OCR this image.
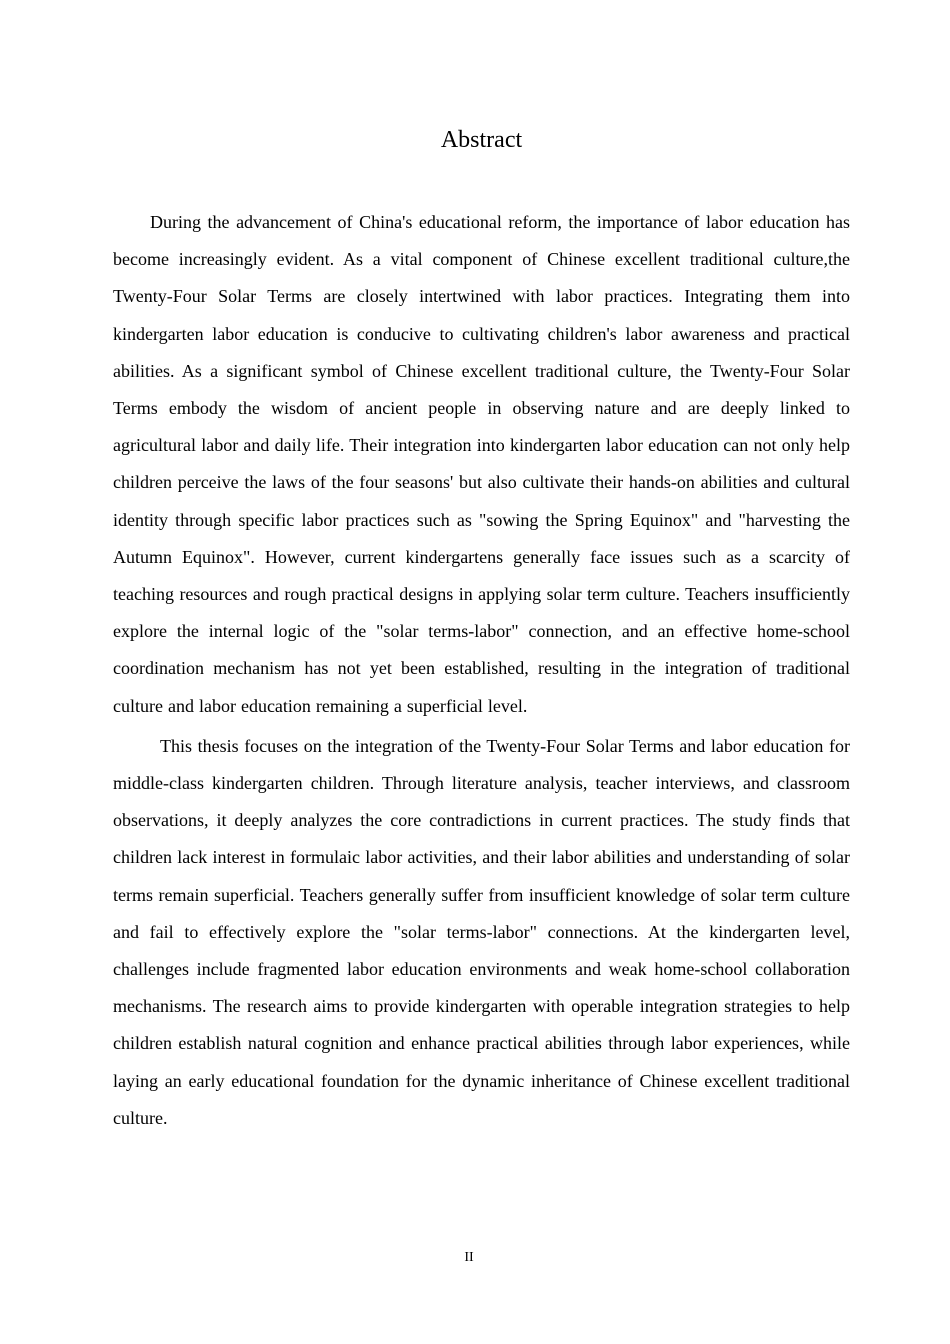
Abstract

During the advancement of China's educational reform, the importance of labor education has become increasingly evident. As a vital component of Chinese excellent traditional culture,the Twenty-Four Solar Terms are closely intertwined with labor practices. Integrating them into kindergarten labor education is conducive to cultivating children's labor awareness and practical abilities. As a significant symbol of Chinese excellent traditional culture, the Twenty-Four Solar Terms embody the wisdom of ancient people in observing nature and are deeply linked to agricultural labor and daily life. Their integration into kindergarten labor education can not only help children perceive the laws of the four seasons' but also cultivate their hands-on abilities and cultural identity through specific labor practices such as "sowing the Spring Equinox" and "harvesting the Autumn Equinox". However, current kindergartens generally face issues such as a scarcity of teaching resources and rough practical designs in applying solar term culture. Teachers insufficiently explore the internal logic of the "solar terms-labor" connection, and an effective home-school coordination mechanism has not yet been established, resulting in the integration of traditional culture and labor education remaining a superficial level.

This thesis focuses on the integration of the Twenty-Four Solar Terms and labor education for middle-class kindergarten children. Through literature analysis, teacher interviews, and classroom observations, it deeply analyzes the core contradictions in current practices. The study finds that children lack interest in formulaic labor activities, and their labor abilities and understanding of solar terms remain superficial. Teachers generally suffer from insufficient knowledge of solar term culture and fail to effectively explore the "solar terms-labor" connections. At the kindergarten level, challenges include fragmented labor education environments and weak home-school collaboration mechanisms. The research aims to provide kindergarten with operable integration strategies to help children establish natural cognition and enhance practical abilities through labor experiences, while laying an early educational foundation for the dynamic inheritance of Chinese excellent traditional culture.

II
